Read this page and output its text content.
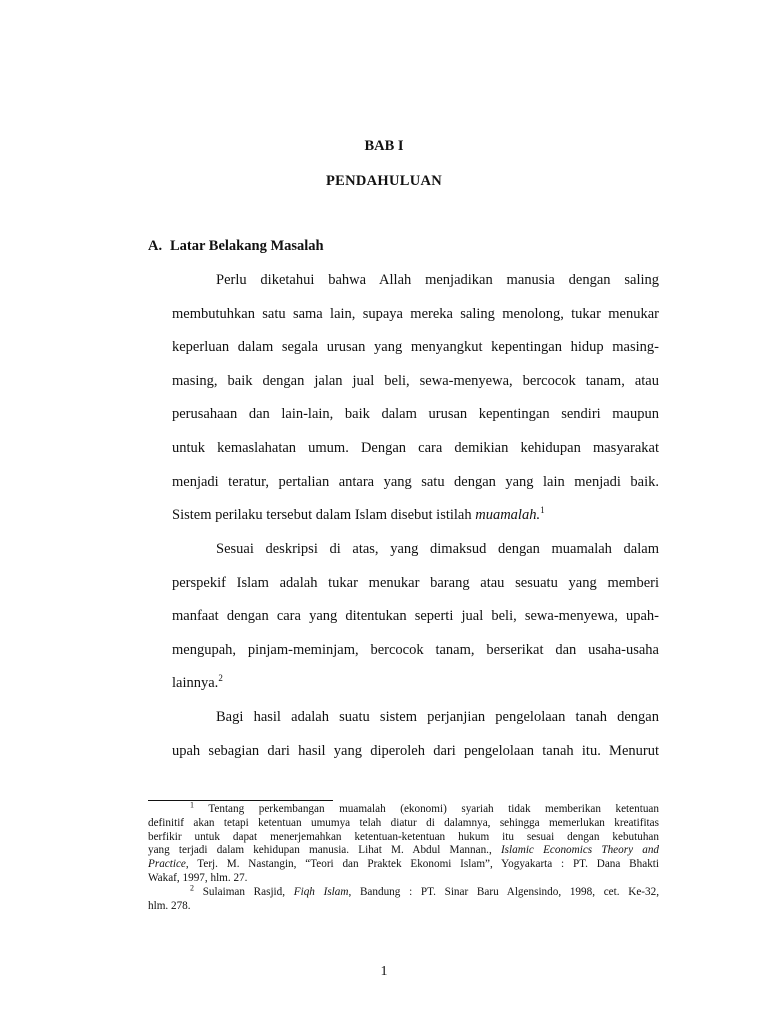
BAB I
PENDAHULUAN
A. Latar Belakang Masalah
Perlu diketahui bahwa Allah menjadikan manusia dengan saling
membutuhkan satu sama lain, supaya mereka saling menolong, tukar menukar
keperluan dalam segala urusan yang menyangkut kepentingan hidup masing-
masing, baik dengan jalan jual beli, sewa-menyewa, bercocok tanam, atau
perusahaan dan lain-lain, baik dalam urusan kepentingan sendiri maupun
untuk kemaslahatan umum. Dengan cara demikian kehidupan masyarakat
menjadi teratur, pertalian antara yang satu dengan yang lain menjadi baik.
Sistem perilaku tersebut dalam Islam disebut istilah muamalah.$^1$
Sesuai deskripsi di atas, yang dimaksud dengan muamalah dalam
perspekif Islam adalah tukar menukar barang atau sesuatu yang memberi
manfaat dengan cara yang ditentukan seperti jual beli, sewa-menyewa, upah-
mengupah, pinjam-meminjam, bercocok tanam, berserikat dan usaha-usaha
lainnya.$^2$
Bagi hasil adalah suatu sistem perjanjian pengelolaan tanah dengan
upah sebagian dari hasil yang diperoleh dari pengelolaan tanah itu. Menurut
$^1$ Tentang perkembangan muamalah (ekonomi) syariah tidak memberikan ketentuan
definitif akan tetapi ketentuan umumya telah diatur di dalamnya, sehingga memerlukan kreatifitas
berfikir untuk dapat menerjemahkan ketentuan-ketentuan hukum itu sesuai dengan kebutuhan
yang terjadi dalam kehidupan manusia. Lihat M. Abdul Mannan., Islamic Economics Theory and
Practice, Terj. M. Nastangin, “Teori dan Praktek Ekonomi Islam”, Yogyakarta : PT. Dana Bhakti
Wakaf, 1997, hlm. 27.
$^2$ Sulaiman Rasjid, Fiqh Islam, Bandung : PT. Sinar Baru Algensindo, 1998, cet. Ke-32,
hlm. 278.
1
